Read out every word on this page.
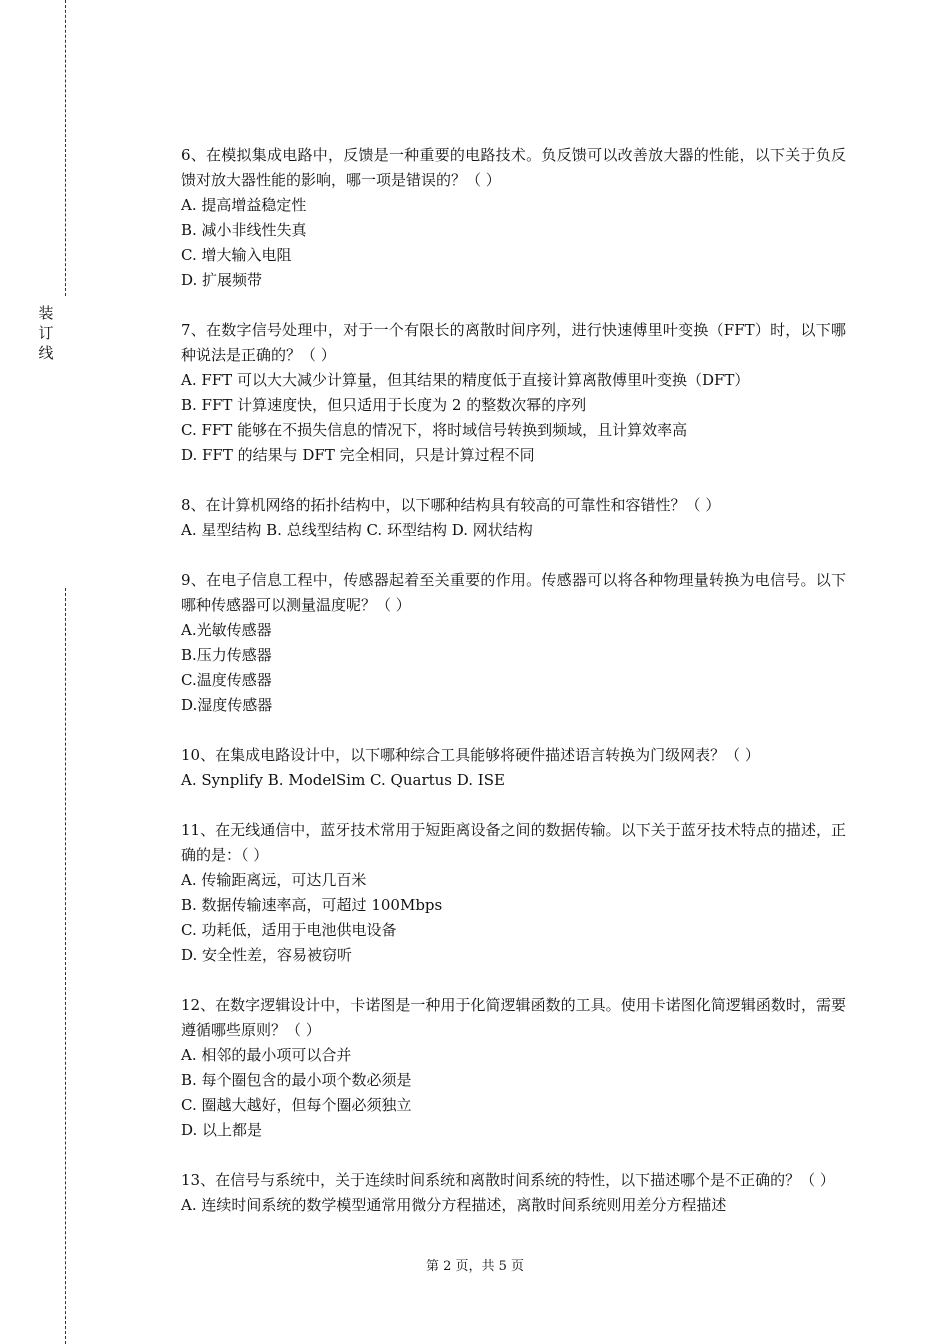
装订线
6、在模拟集成电路中，反馈是一种重要的电路技术。负反馈可以改善放大器的性能，以下关于负反馈对放大器性能的影响，哪一项是错误的？（ ）
A. 提高增益稳定性
B. 减小非线性失真
C. 增大输入电阻
D. 扩展频带
7、在数字信号处理中，对于一个有限长的离散时间序列，进行快速傅里叶变换（FFT）时，以下哪种说法是正确的？（ ）
A. FFT 可以大大减少计算量，但其结果的精度低于直接计算离散傅里叶变换（DFT）
B. FFT 计算速度快，但只适用于长度为 2 的整数次幂的序列
C. FFT 能够在不损失信息的情况下，将时域信号转换到频域，且计算效率高
D. FFT 的结果与 DFT 完全相同，只是计算过程不同
8、在计算机网络的拓扑结构中，以下哪种结构具有较高的可靠性和容错性？（ ）
A. 星型结构 B. 总线型结构 C. 环型结构 D. 网状结构
9、在电子信息工程中，传感器起着至关重要的作用。传感器可以将各种物理量转换为电信号。以下哪种传感器可以测量温度呢？（ ）
A.光敏传感器
B.压力传感器
C.温度传感器
D.湿度传感器
10、在集成电路设计中，以下哪种综合工具能够将硬件描述语言转换为门级网表？（ ）
A. Synplify B. ModelSim C. Quartus D. ISE
11、在无线通信中，蓝牙技术常用于短距离设备之间的数据传输。以下关于蓝牙技术特点的描述，正确的是：（ ）
A. 传输距离远，可达几百米
B. 数据传输速率高，可超过 100Mbps
C. 功耗低，适用于电池供电设备
D. 安全性差，容易被窃听
12、在数字逻辑设计中，卡诺图是一种用于化简逻辑函数的工具。使用卡诺图化简逻辑函数时，需要遵循哪些原则？（ ）
A. 相邻的最小项可以合并
B. 每个圈包含的最小项个数必须是
C. 圈越大越好，但每个圈必须独立
D. 以上都是
13、在信号与系统中，关于连续时间系统和离散时间系统的特性，以下描述哪个是不正确的？（ ）
A. 连续时间系统的数学模型通常用微分方程描述，离散时间系统则用差分方程描述
第 2 页，共 5 页
